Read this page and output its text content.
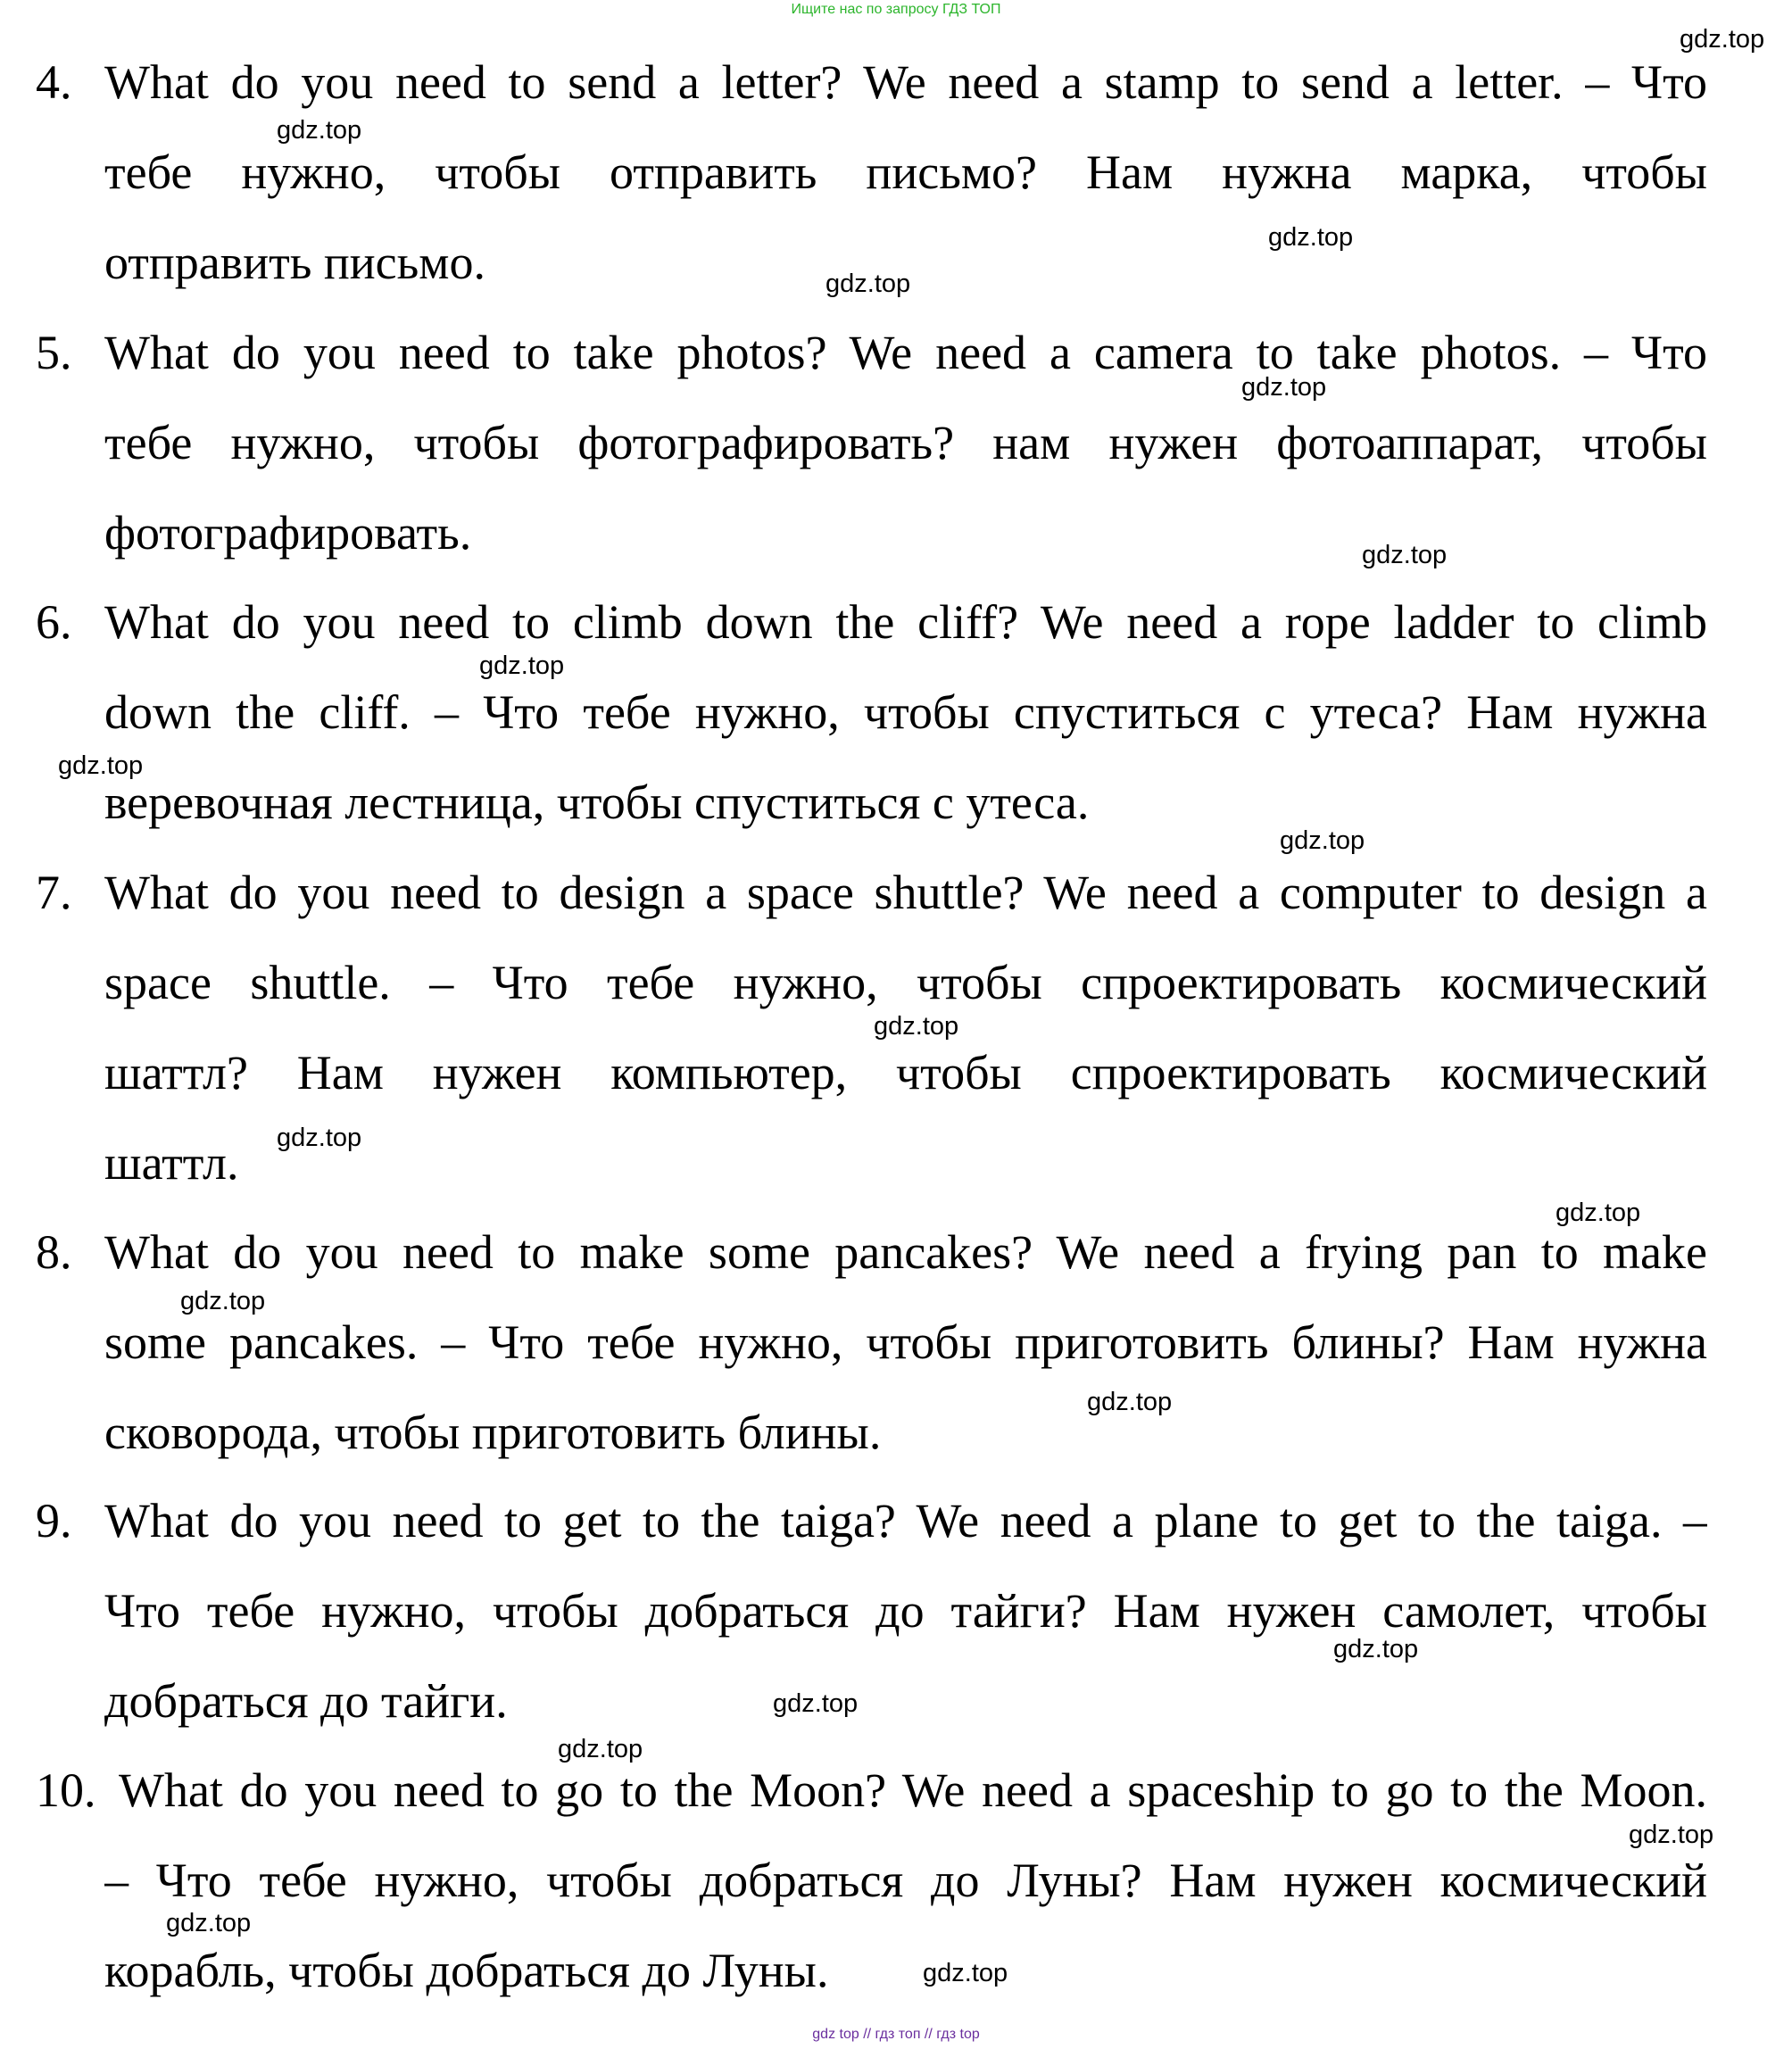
Ищите нас по запросу ГДЗ ТОП
4. What do you need to send a letter? We need a stamp to send a letter. – Что
тебе нужно, чтобы отправить письмо? Нам нужна марка, чтобы
отправить письмо.
5. What do you need to take photos? We need a camera to take photos. – Что
тебе нужно, чтобы фотографировать? нам нужен фотоаппарат, чтобы
фотографировать.
6. What do you need to climb down the cliff? We need a rope ladder to climb
down the cliff. – Что тебе нужно, чтобы спуститься с утеса? Нам нужна
веревочная лестница, чтобы спуститься с утеса.
7. What do you need to design a space shuttle? We need a computer to design a
space shuttle. – Что тебе нужно, чтобы спроектировать космический
шаттл? Нам нужен компьютер, чтобы спроектировать космический
шаттл.
8. What do you need to make some pancakes? We need a frying pan to make
some pancakes. – Что тебе нужно, чтобы приготовить блины? Нам нужна
сковорода, чтобы приготовить блины.
9. What do you need to get to the taiga? We need a plane to get to the taiga. –
Что тебе нужно, чтобы добраться до тайги? Нам нужен самолет, чтобы
добраться до тайги.
10. What do you need to go to the Moon? We need a spaceship to go to the Moon.
– Что тебе нужно, чтобы добраться до Луны? Нам нужен космический
корабль, чтобы добраться до Луны.
gdz.top
gdz.top
gdz.top
gdz.top
gdz.top
gdz.top
gdz.top
gdz.top
gdz.top
gdz.top
gdz.top
gdz.top
gdz.top
gdz.top
gdz.top
gdz.top
gdz.top
gdz.top
gdz.top
gdz.top
gdz top // гдз топ // гдз top
